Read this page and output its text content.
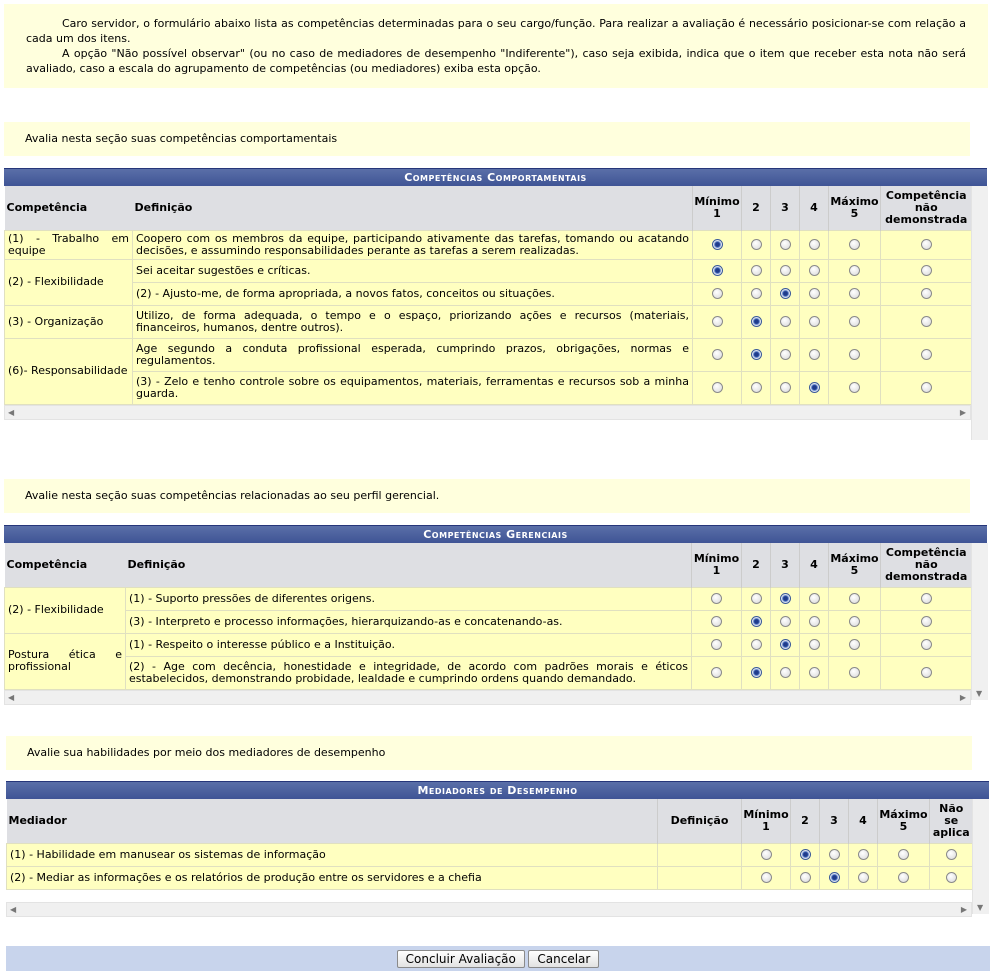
Caro servidor, o formulário abaixo lista as competências determinadas para o seu cargo/função. Para realizar a avaliação é necessário posicionar-se com relação a cada um dos itens.

A opção "Não possível observar" (ou no caso de mediadores de desempenho "Indiferente"), caso seja exibida, indica que o item que receber esta nota não será avaliado, caso a escala do agrupamento de competências (ou mediadores) exiba esta opção.

Avalia nesta seção suas competências comportamentais
Competências Comportamentais
Competência	Definição	Mínimo 1	2	3	4	Máximo 5	Competência não demonstrada
(1) - Trabalho em equipe	Coopero com os membros da equipe, participando ativamente das tarefas, tomando ou acatando decisões, e assumindo responsabilidades perante as tarefas a serem realizadas.						
(2) - Flexibilidade	Sei aceitar sugestões e críticas.						
	(2) - Ajusto-me, de forma apropriada, a novos fatos, conceitos ou situações.						
(3) - Organização	Utilizo, de forma adequada, o tempo e o espaço, priorizando ações e recursos (materiais, financeiros, humanos, dentre outros).						
(6)- Responsabilidade	Age segundo a conduta profissional esperada, cumprindo prazos, obrigações, normas e regulamentos.						
	(3) - Zelo e tenho controle sobre os equipamentos, materiais, ferramentas e recursos sob a minha guarda.						
◀	▶
Avalie nesta seção suas competências relacionadas ao seu perfil gerencial.
Competências Gerenciais
Competência	Definição	Mínimo 1	2	3	4	Máximo 5	Competência não demonstrada
(2) - Flexibilidade	(1) - Suporto pressões de diferentes origens.						
	(3) - Interpreto e processo informações, hierarquizando-as e concatenando-as.						
Postura ética e profissional	(1) - Respeito o interesse público e a Instituição.						
	(2) - Age com decência, honestidade e integridade, de acordo com padrões morais e éticos estabelecidos, demonstrando probidade, lealdade e cumprindo ordens quando demandado.						
◀	▶ ▼
Avalie sua habilidades por meio dos mediadores de desempenho
Mediadores de Desempenho
Mediador	Definição	Mínimo 1	2	3	4	Máximo 5	Não se aplica
(1) - Habilidade em manusear os sistemas de informação							
(2) - Mediar as informações e os relatórios de produção entre os servidores e a chefia							
◀	▶ ▼
Concluir Avaliação Cancelar
